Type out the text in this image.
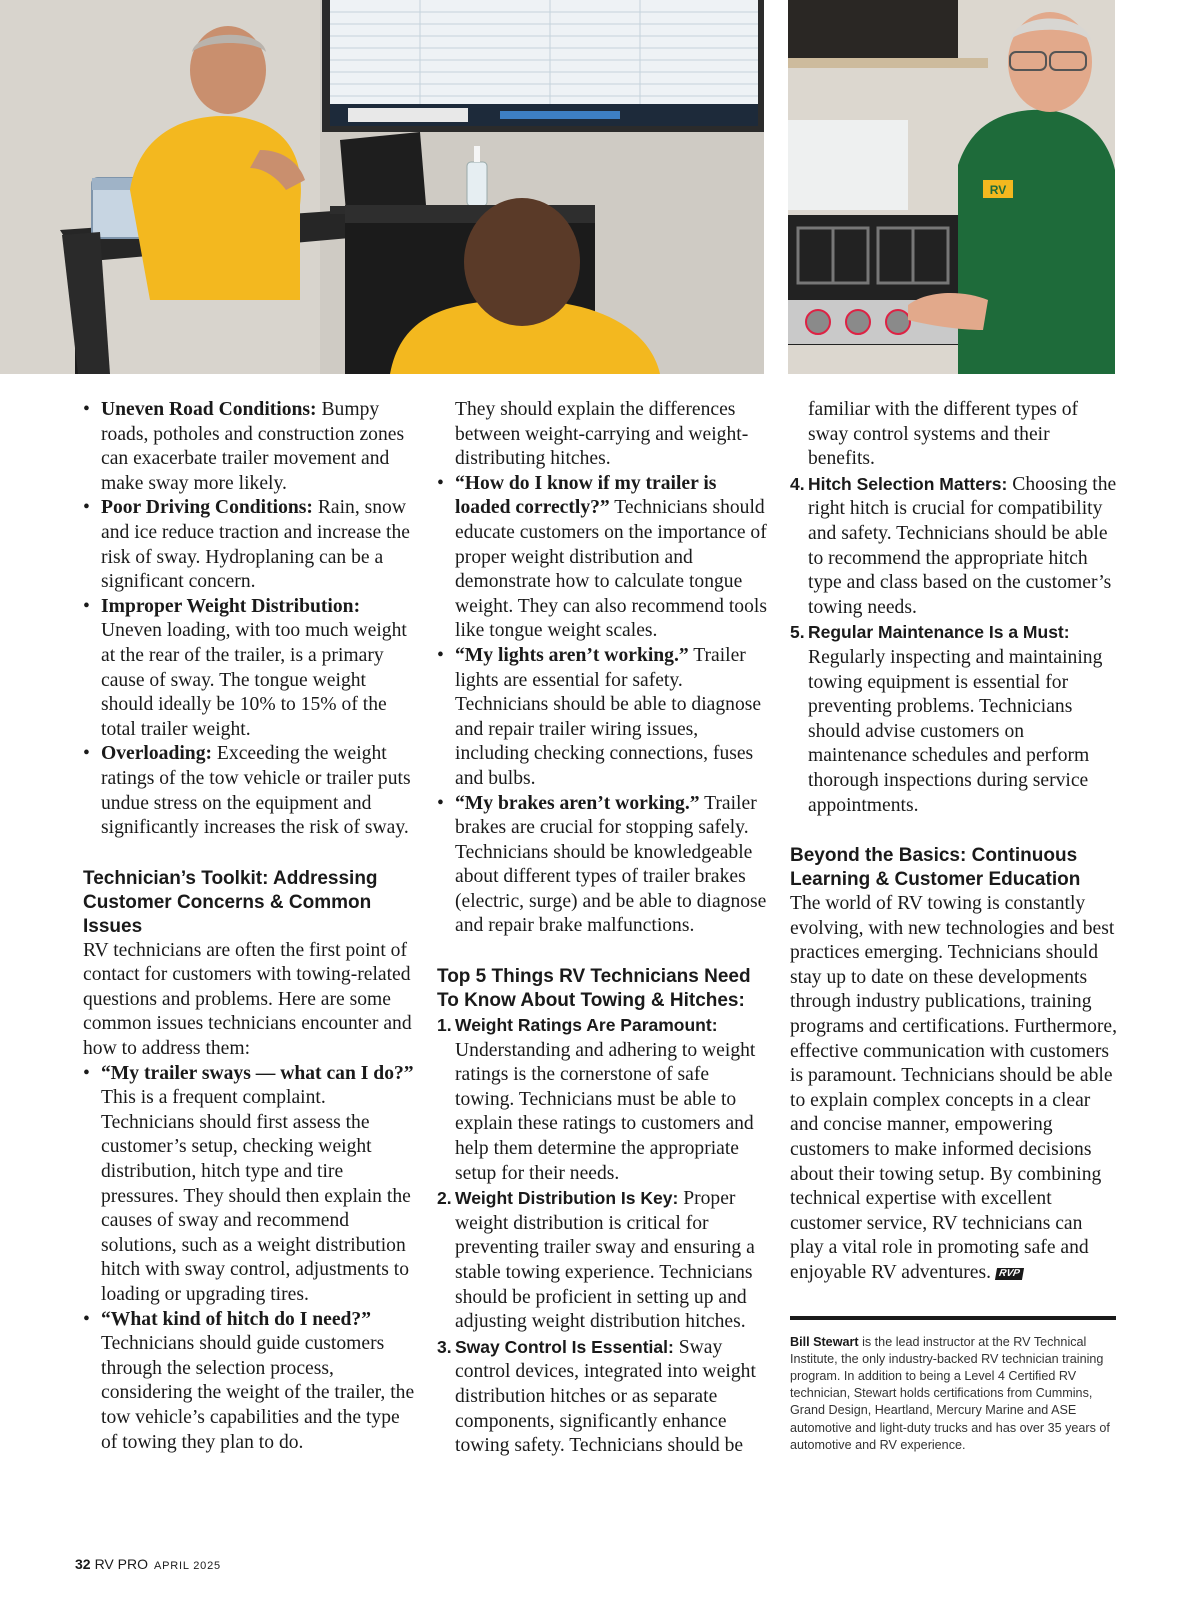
RV
• Uneven Road Conditions: Bumpy roads, potholes and construction zones can exacerbate trailer movement and make sway more likely.
• Poor Driving Conditions: Rain, snow and ice reduce traction and increase the risk of sway. Hydroplaning can be a significant concern.
• Improper Weight Distribution: Uneven loading, with too much weight at the rear of the trailer, is a primary cause of sway. The tongue weight should ideally be 10% to 15% of the total trailer weight.
• Overloading: Exceeding the weight ratings of the tow vehicle or trailer puts undue stress on the equipment and significantly increases the risk of sway.
Technician’s Toolkit: Addressing Customer Concerns & Common Issues

RV technicians are often the first point of contact for customers with towing-related questions and problems. Here are some common issues technicians encounter and how to address them:

• “My trailer sways — what can I do?” This is a frequent complaint. Technicians should first assess the customer’s setup, checking weight distribution, hitch type and tire pressures. They should then explain the causes of sway and recommend solutions, such as a weight distribution hitch with sway control, adjustments to loading or upgrading tires.
• “What kind of hitch do I need?” Technicians should guide customers through the selection process, considering the weight of the trailer, the tow vehicle’s capabilities and the type of towing they plan to do.

They should explain the differences between weight-carrying and weight-distributing hitches.

• “How do I know if my trailer is loaded correctly?” Technicians should educate customers on the importance of proper weight distribution and demonstrate how to calculate tongue weight. They can also recommend tools like tongue weight scales.
• “My lights aren’t working.” Trailer lights are essential for safety. Technicians should be able to diagnose and repair trailer wiring issues, including checking connections, fuses and bulbs.
• “My brakes aren’t working.” Trailer brakes are crucial for stopping safely. Technicians should be knowledgeable about different types of trailer brakes (electric, surge) and be able to diagnose and repair brake malfunctions.
Top 5 Things RV Technicians Need To Know About Towing & Hitches:
1. Weight Ratings Are Paramount: Understanding and adhering to weight ratings is the cornerstone of safe towing. Technicians must be able to explain these ratings to customers and help them determine the appropriate setup for their needs.
2. Weight Distribution Is Key: Proper weight distribution is critical for preventing trailer sway and ensuring a stable towing experience. Technicians should be proficient in setting up and adjusting weight distribution hitches.
3. Sway Control Is Essential: Sway control devices, integrated into weight distribution hitches or as separate components, significantly enhance towing safety. Technicians should be

familiar with the different types of sway control systems and their benefits.

4. Hitch Selection Matters: Choosing the right hitch is crucial for compatibility and safety. Technicians should be able to recommend the appropriate hitch type and class based on the customer’s towing needs.
5. Regular Maintenance Is a Must: Regularly inspecting and maintaining towing equipment is essential for preventing problems. Technicians should advise customers on maintenance schedules and perform thorough inspections during service appointments.
Beyond the Basics: Continuous Learning & Customer Education

The world of RV towing is constantly evolving, with new technologies and best practices emerging. Technicians should stay up to date on these developments through industry publications, training programs and certifications. Furthermore, effective communication with customers is paramount. Technicians should be able to explain complex concepts in a clear and concise manner, empowering customers to make informed decisions about their towing setup. By combining technical expertise with excellent customer service, RV technicians can play a vital role in promoting safe and enjoyable RV adventures. RVP

Bill Stewart is the lead instructor at the RV Technical Institute, the only industry-backed RV technician training program. In addition to being a Level 4 Certified RV technician, Stewart holds certifications from Cummins, Grand Design, Heartland, Mercury Marine and ASE automotive and light-duty trucks and has over 35 years of automotive and RV experience.

32 RV PRO APRIL 2025
